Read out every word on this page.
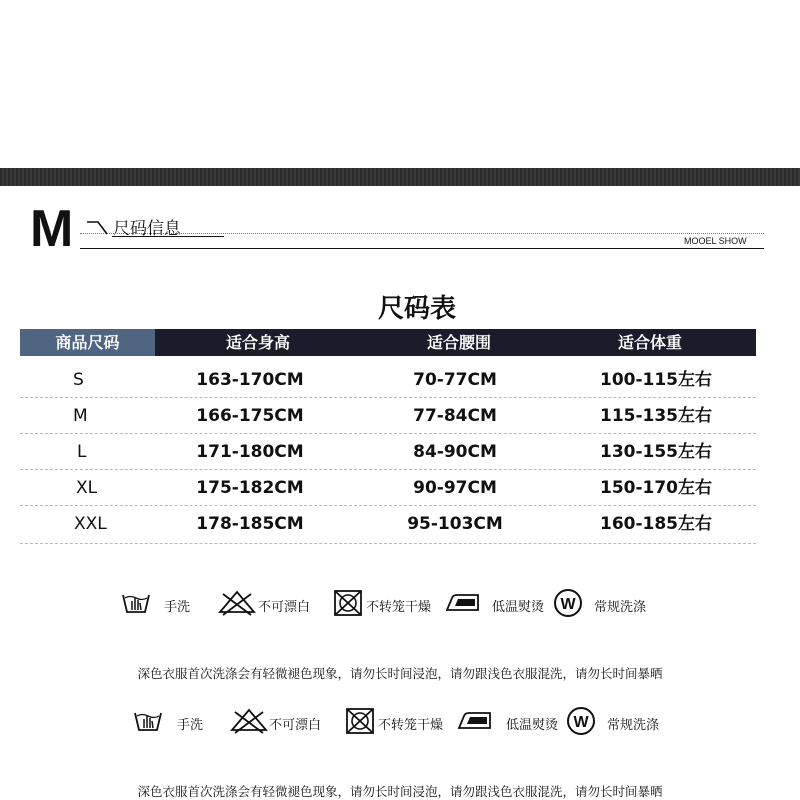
M 尺码信息
MOOEL SHOW
尺码表
商品尺码	适合身高	适合腰围	适合体重
S	163-170CM	70-77CM	100-115左右
M	166-175CM	77-84CM	115-135左右
L	171-180CM	84-90CM	130-155左右
XL	175-182CM	90-97CM	150-170左右
XXL	178-185CM	95-103CM	160-185左右
手洗	不可漂白	不转笼干燥	低温熨烫 W 常规洗涤
深色衣服首次洗涤会有轻微褪色现象，请勿长时间浸泡，请勿跟浅色衣服混洗，请勿长时间暴晒
手洗	不可漂白	不转笼干燥	低温熨烫 W 常规洗涤
深色衣服首次洗涤会有轻微褪色现象，请勿长时间浸泡，请勿跟浅色衣服混洗，请勿长时间暴晒
